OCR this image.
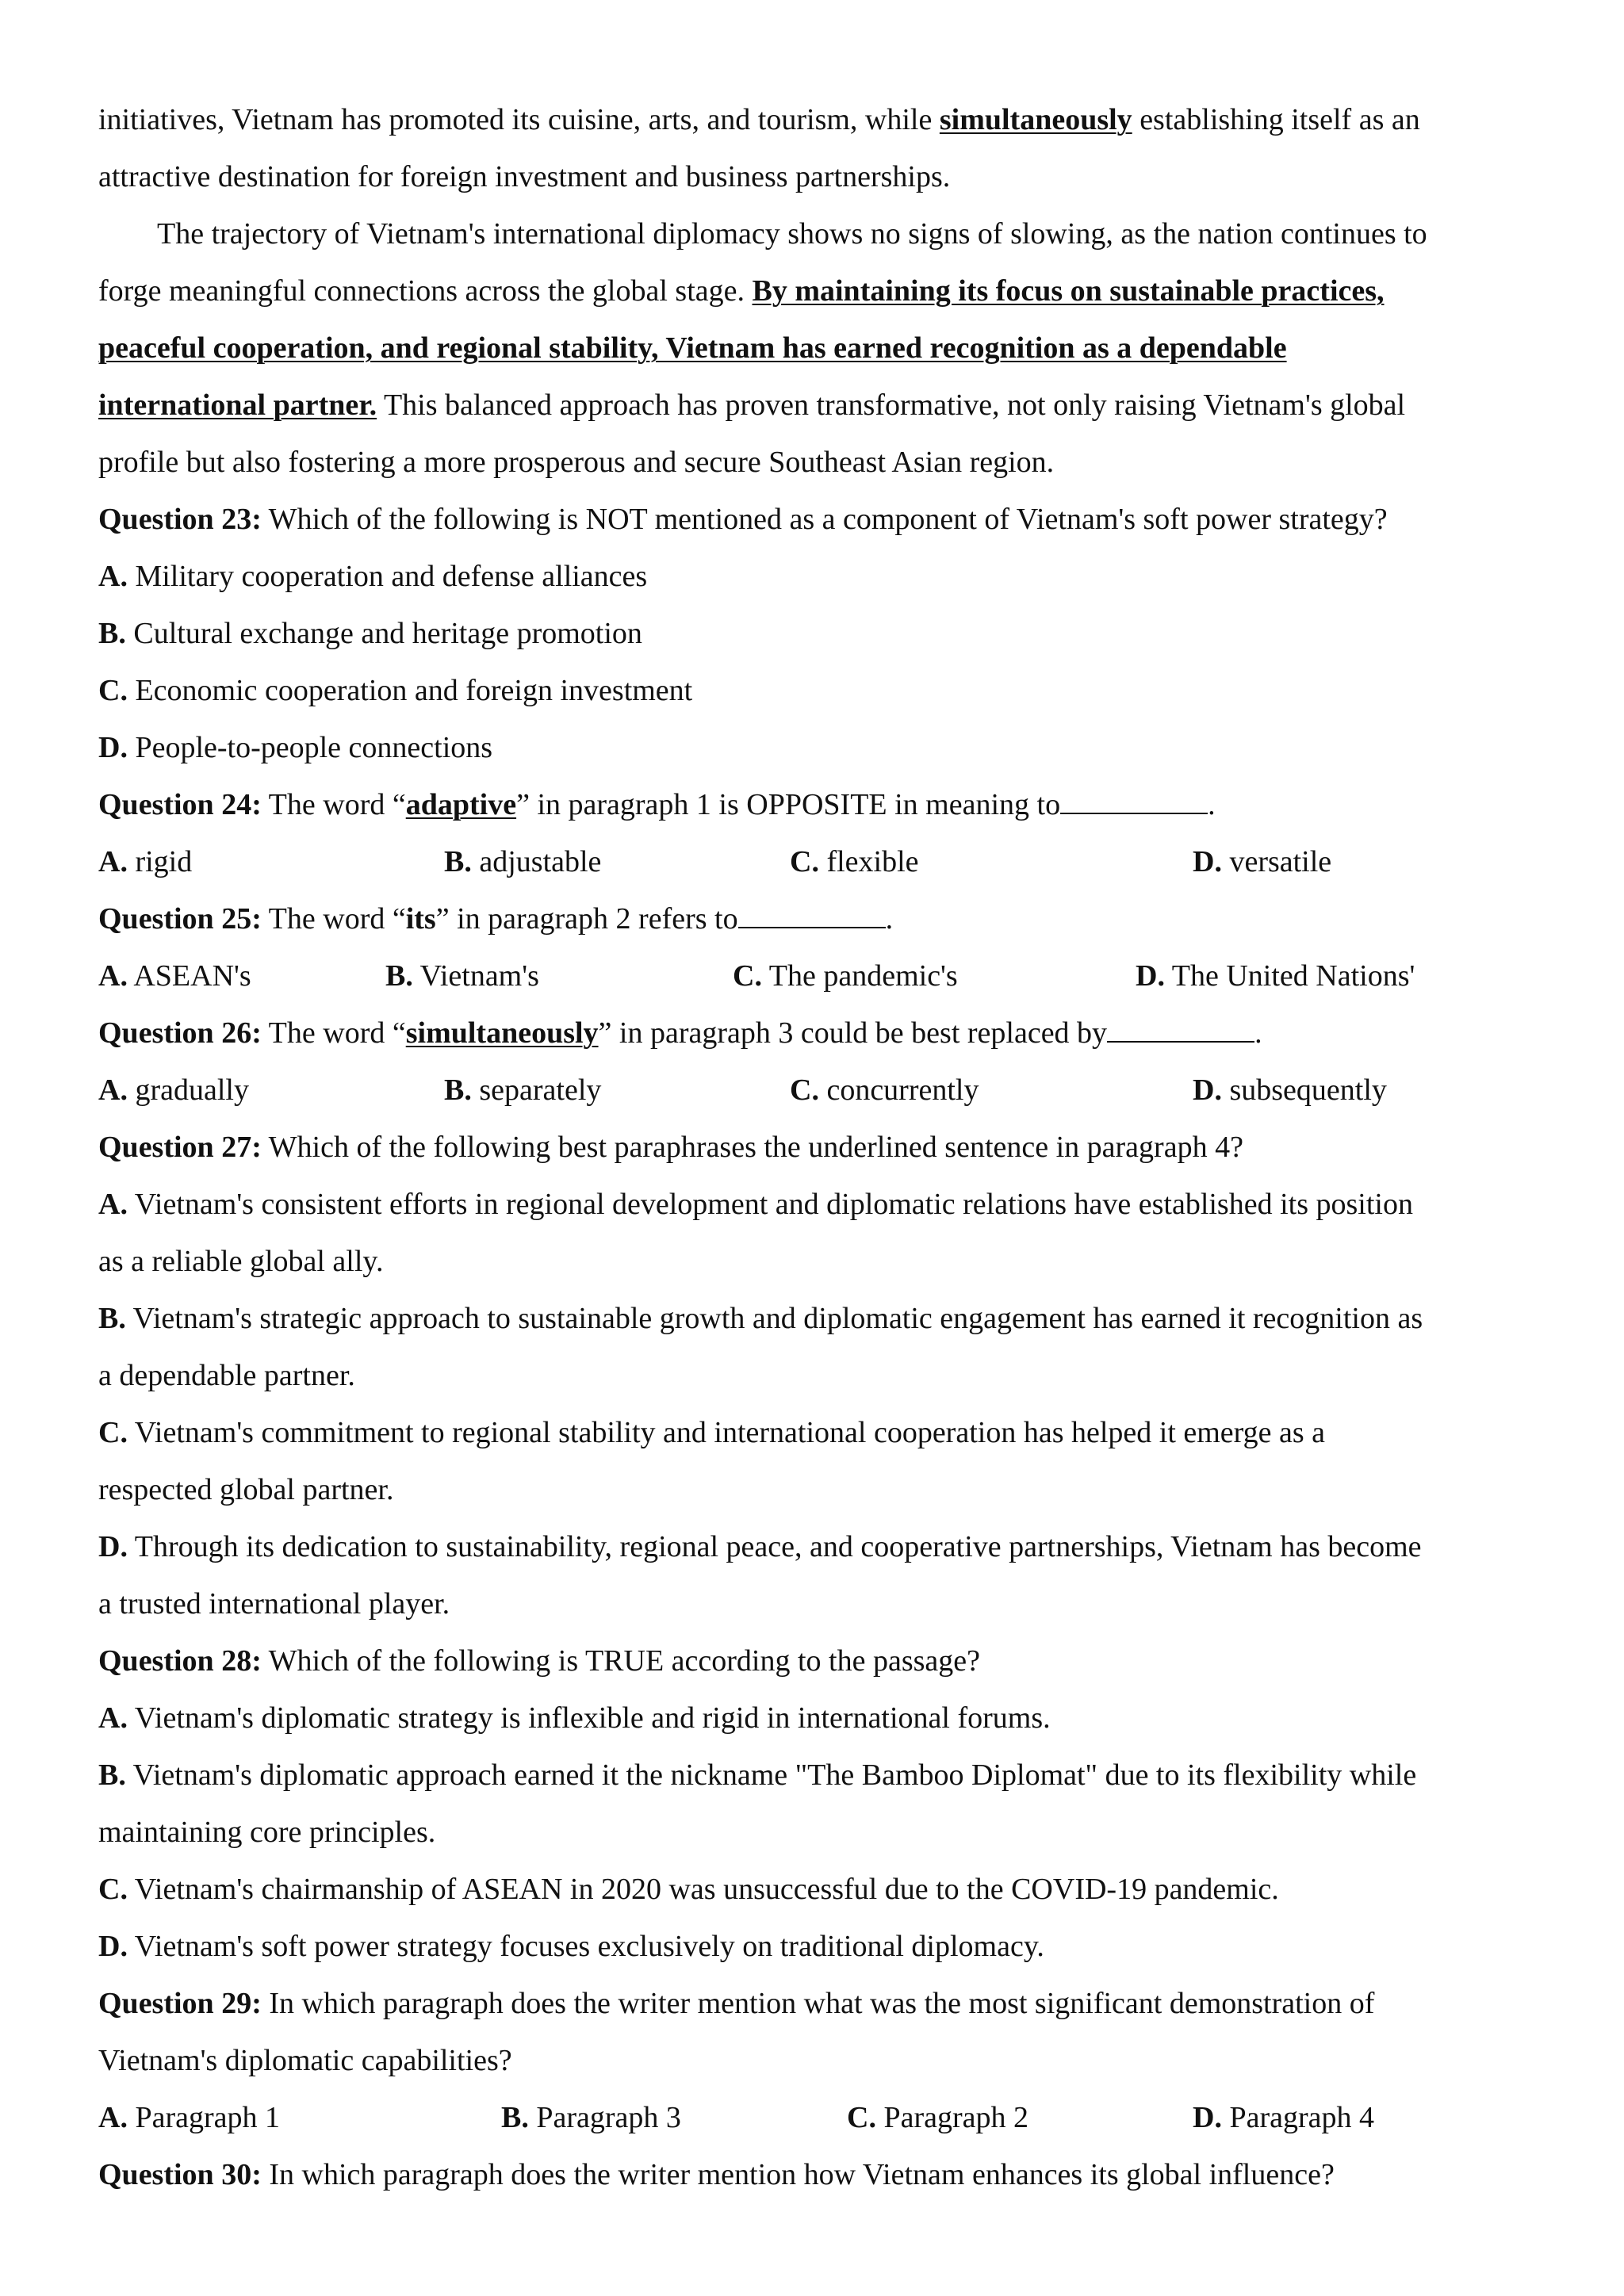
initiatives, Vietnam has promoted its cuisine, arts, and tourism, while simultaneously establishing itself as an
attractive destination for foreign investment and business partnerships.
The trajectory of Vietnam's international diplomacy shows no signs of slowing, as the nation continues to
forge meaningful connections across the global stage. By maintaining its focus on sustainable practices,
peaceful cooperation, and regional stability, Vietnam has earned recognition as a dependable
international partner. This balanced approach has proven transformative, not only raising Vietnam's global
profile but also fostering a more prosperous and secure Southeast Asian region.
Question 23: Which of the following is NOT mentioned as a component of Vietnam's soft power strategy?
A. Military cooperation and defense alliances
B. Cultural exchange and heritage promotion
C. Economic cooperation and foreign investment
D. People-to-people connections
Question 24: The word “adaptive” in paragraph 1 is OPPOSITE in meaning to	.
A. rigid	B. adjustable	C. flexible	D. versatile
Question 25: The word “its” in paragraph 2 refers to	.
A. ASEAN's	B. Vietnam's	C. The pandemic's	D. The United Nations'
Question 26: The word “simultaneously” in paragraph 3 could be best replaced by	.
A. gradually	B. separately	C. concurrently	D. subsequently
Question 27: Which of the following best paraphrases the underlined sentence in paragraph 4?
A. Vietnam's consistent efforts in regional development and diplomatic relations have established its position
as a reliable global ally.
B. Vietnam's strategic approach to sustainable growth and diplomatic engagement has earned it recognition as
a dependable partner.
C. Vietnam's commitment to regional stability and international cooperation has helped it emerge as a
respected global partner.
D. Through its dedication to sustainability, regional peace, and cooperative partnerships, Vietnam has become
a trusted international player.
Question 28: Which of the following is TRUE according to the passage?
A. Vietnam's diplomatic strategy is inflexible and rigid in international forums.
B. Vietnam's diplomatic approach earned it the nickname "The Bamboo Diplomat" due to its flexibility while
maintaining core principles.
C. Vietnam's chairmanship of ASEAN in 2020 was unsuccessful due to the COVID-19 pandemic.
D. Vietnam's soft power strategy focuses exclusively on traditional diplomacy.
Question 29: In which paragraph does the writer mention what was the most significant demonstration of
Vietnam's diplomatic capabilities?
A. Paragraph 1	B. Paragraph 3	C. Paragraph 2	D. Paragraph 4
Question 30: In which paragraph does the writer mention how Vietnam enhances its global influence?
